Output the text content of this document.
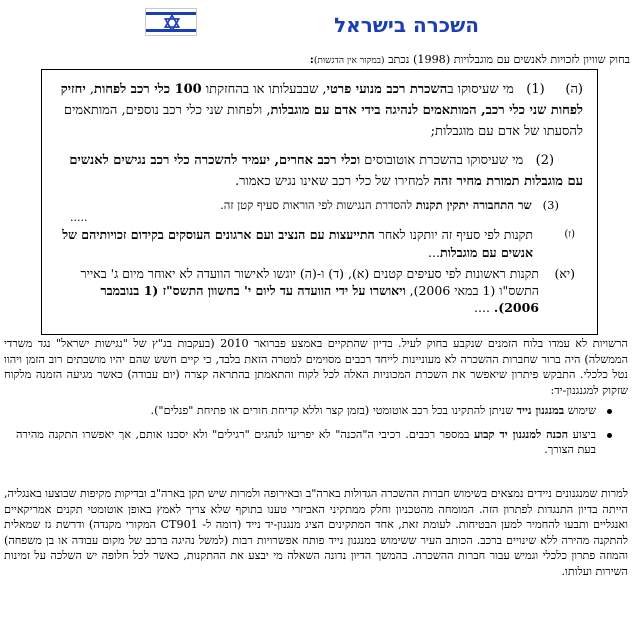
השכרה בישראל
בחוק שוויון לזכויות לאנשים עם מוגבלויות (1998) נכתב (במקור אין הדגשות):

(ה)     (1)   מי שעיסוקו בהשכרת רכב מנועי פרטי, שבבעלותו או בהחזקתו 100 כלי רכב לפחות, יחזיק לפחות שני כלי רכב, המותאמים לנהיגה בידי אדם עם מוגבלות, ולפחות שני כלי רכב נוספים, המותאמים להסעתו של אדם עם מוגבלות;

(2)   מי שעיסוקו בהשכרת אוטובוסים וכלי רכב אחרים, יעמיד להשכרה כלי רכב נגישים לאנשים עם מוגבלות תמורת מחיר זהה למחירו של כלי רכב שאינו נגיש כאמור.

(3)   שר התחבורה יתקין תקנות להסדרת הנגישות לפי הוראות סעיף קטן זה.

.....

(ז)
תקנות לפי סעיף זה יותקנו לאחר התייעצות עם הנציב ועם ארגונים העוסקים בקידום זכויותיהם של אנשים עם מוגבלות...

(יא)
תקנות ראשונות לפי סעיפים קטנים (א), (ד) ו-(ה) יוגשו לאישור הוועדה לא יאוחר מיום ג' באייר התשס"ו (1 במאי 2006), ויאושרו על ידי הוועדה עד ליום י' בחשוון התשס"ז (1 בנובמבר 2006). ....

הרשויות לא עמדו בלוח הזמנים שנקבע בחוק לעיל. בדיון שהתקיים באמצע פברואר 2010 (בעקבות בג"ץ של "נגישות ישראל" נגד משרדי הממשלה) היה ברור שחברות ההשכרה לא מעוניינות לייחד רכבים מסוימים למטרה הזאת בלבד, כי קיים חשש שהם יהיו מושבתים רוב הזמן ויהוו נטל כלכלי. התבקש פיתרון שיאפשר את השכרת המכוניות האלה לכל לקוח והתאמתן בהתראה קצרה (יום עבודה) כאשר מגיעה הזמנה מלקוח שזקוק למגנגנון-יד:
שימוש במנגנון נייד שניתן להתקינו בכל רכב אוטומטי (בזמן קצר וללא קדיחת חורים או פתיחת "פנלים").
ביצוע הכנה למנגנון יד קבוע במספר רכבים. רכיבי ה"הכנה" לא יפריעו לנהגים "רגילים" ולא יסכנו אותם, אך יאפשרו התקנה מהירה בעת הצורך.
למרות שמנגנונים ניידים נמצאים בשימוש חברות ההשכרה הגדולות בארה"ב ובאירופה ולמרות שיש תקן בארה"ב ובדיקות מקיפות שבוצעו באנגליה, הייתה בדיון התנגדות לפתרון הזה. המומחה מהטכניון וחלק ממתקיני האביזרי טענו בתוקף שלא צריך לאמץ באופן אוטומטי תקנים אמריקאיים ואנגליים ותבעו להחמיר למען הבטיחות. לעומת זאת, אחד המתקינים הציג מנגנון-יד נייד (דומה ל- CT901 המקורי מקנדה) ודרשת גז שמאלית להתקנה מהירה ללא שינויים ברכב. הכותב העיר ששימוש במנגנון נייד פותח אפשרויות רבות (למשל נהיגה ברכב של מקום עבודה או בן משפחה) והמוזה פתרון כלכלי וגמיש עבור חברות ההשכרה. בהמשך הדיון נדונה השאלה מי יבצע את ההתקנות, כאשר לכל חלופה יש השלכה על זמינות השירות ועלותו.
